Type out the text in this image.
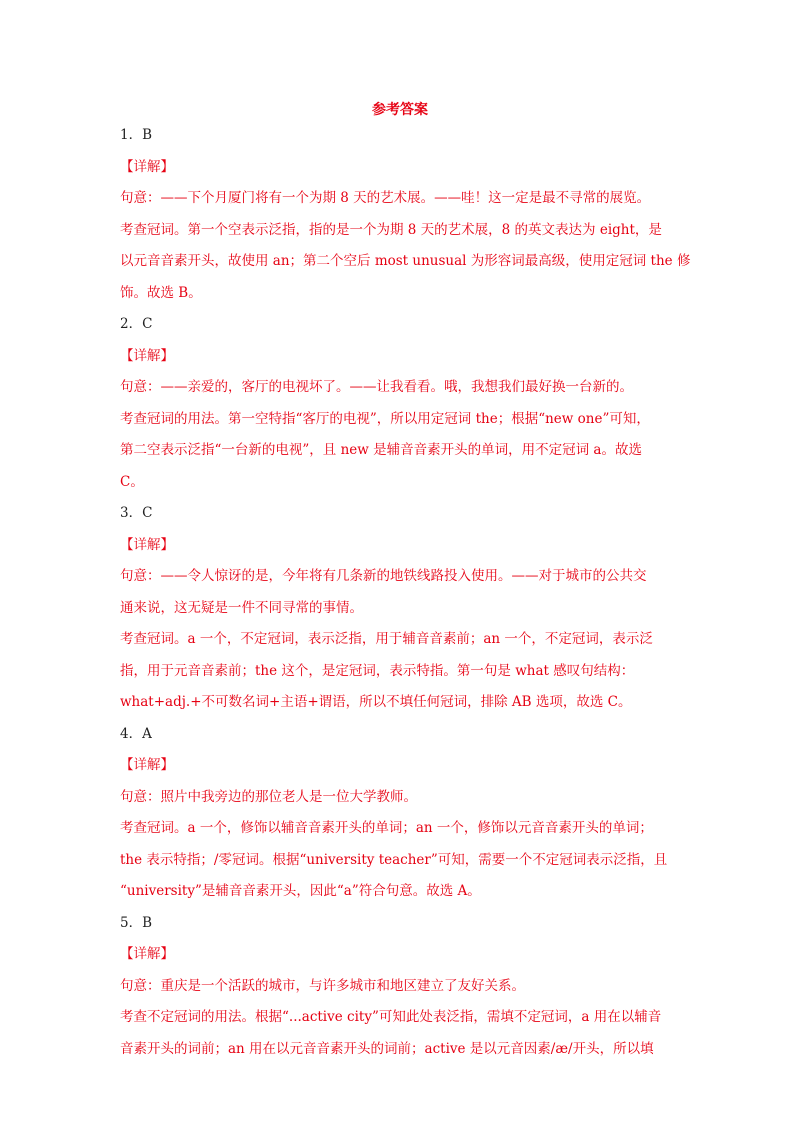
参考答案
1．B
【详解】
句意：——下个月厦门将有一个为期 8 天的艺术展。——哇！这一定是最不寻常的展览。
考查冠词。第一个空表示泛指，指的是一个为期 8 天的艺术展，8 的英文表达为 eight，是
以元音音素开头，故使用 an；第二个空后 most unusual 为形容词最高级，使用定冠词 the 修
饰。故选 B。
2．C
【详解】
句意：——亲爱的，客厅的电视坏了。——让我看看。哦，我想我们最好换一台新的。
考查冠词的用法。第一空特指“客厅的电视”，所以用定冠词 the；根据“new one”可知，
第二空表示泛指“一台新的电视”，且 new 是辅音音素开头的单词，用不定冠词 a。故选
C。
3．C
【详解】
句意：——令人惊讶的是，今年将有几条新的地铁线路投入使用。——对于城市的公共交
通来说，这无疑是一件不同寻常的事情。
考查冠词。a 一个，不定冠词，表示泛指，用于辅音音素前；an 一个，不定冠词，表示泛
指，用于元音音素前；the 这个，是定冠词，表示特指。第一句是 what 感叹句结构：
what+adj.+不可数名词+主语+谓语，所以不填任何冠词，排除 AB 选项，故选 C。
4．A
【详解】
句意：照片中我旁边的那位老人是一位大学教师。
考查冠词。a 一个，修饰以辅音音素开头的单词；an 一个，修饰以元音音素开头的单词；
the 表示特指；/零冠词。根据“university teacher”可知，需要一个不定冠词表示泛指，且
“university”是辅音音素开头，因此“a”符合句意。故选 A。
5．B
【详解】
句意：重庆是一个活跃的城市，与许多城市和地区建立了友好关系。
考查不定冠词的用法。根据“...active city”可知此处表泛指，需填不定冠词，a 用在以辅音
音素开头的词前；an 用在以元音音素开头的词前；active 是以元音因素/æ/开头，所以填
